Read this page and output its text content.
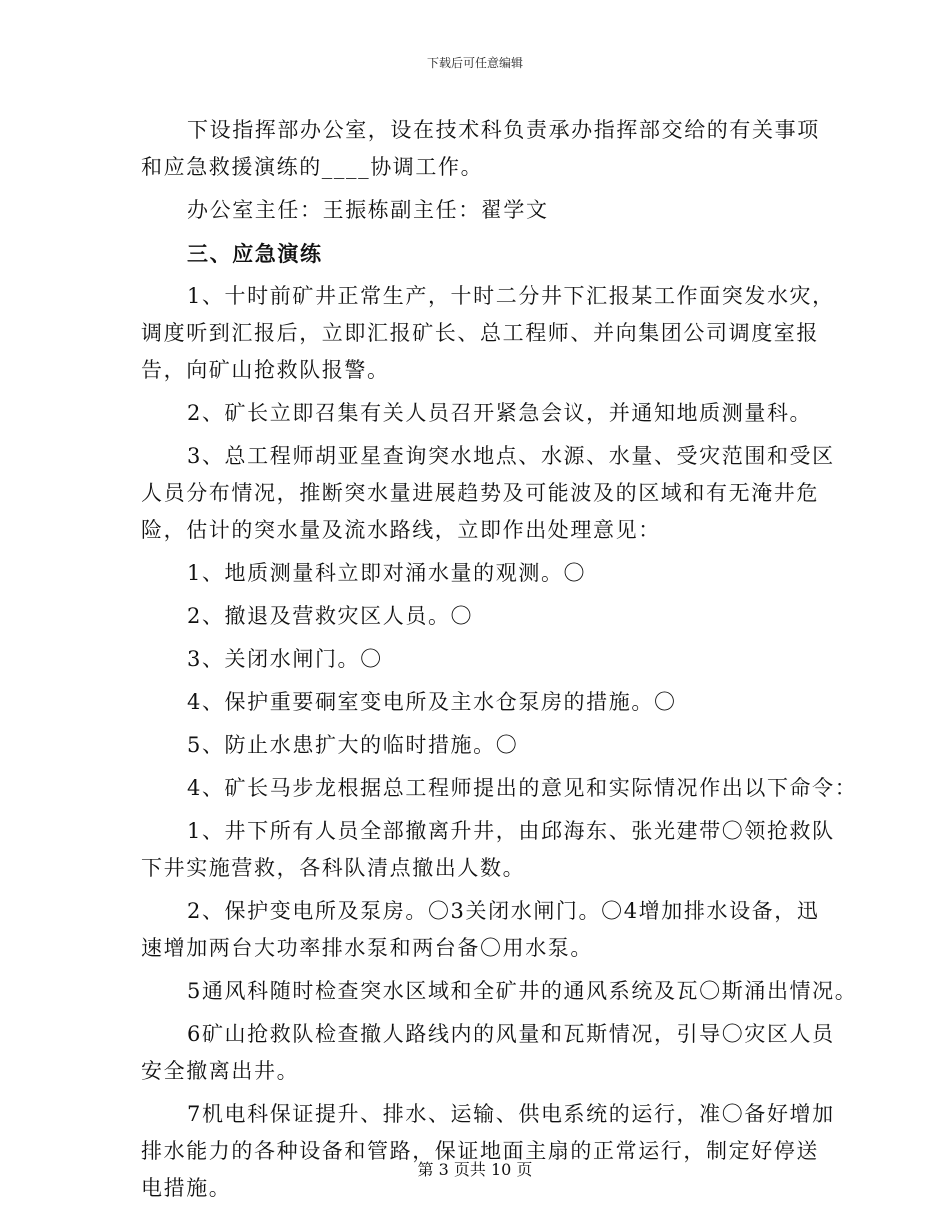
下载后可任意编辑
下设指挥部办公室，设在技术科负责承办指挥部交给的有关事项
和应急救援演练的____协调工作。
办公室主任：王振栋副主任：翟学文
三、应急演练
1、十时前矿井正常生产，十时二分井下汇报某工作面突发水灾，
调度听到汇报后，立即汇报矿长、总工程师、并向集团公司调度室报
告，向矿山抢救队报警。
2、矿长立即召集有关人员召开紧急会议，并通知地质测量科。
3、总工程师胡亚星查询突水地点、水源、水量、受灾范围和受区
人员分布情况，推断突水量进展趋势及可能波及的区域和有无淹井危
险，估计的突水量及流水路线，立即作出处理意见：
1、地质测量科立即对涌水量的观测。〇
2、撤退及营救灾区人员。〇
3、关闭水闸门。〇
4、保护重要硐室变电所及主水仓泵房的措施。〇
5、防止水患扩大的临时措施。〇
4、矿长马步龙根据总工程师提出的意见和实际情况作出以下命令：
1、井下所有人员全部撤离升井，由邱海东、张光建带〇领抢救队
下井实施营救，各科队清点撤出人数。
2、保护变电所及泵房。〇3关闭水闸门。〇4增加排水设备，迅
速增加两台大功率排水泵和两台备〇用水泵。
5通风科随时检查突水区域和全矿井的通风系统及瓦〇斯涌出情况。
6矿山抢救队检查撤人路线内的风量和瓦斯情况，引导〇灾区人员
安全撤离出井。
7机电科保证提升、排水、运输、供电系统的运行，准〇备好增加
排水能力的各种设备和管路，保证地面主扇的正常运行，制定好停送
电措施。
第 3 页共 10 页
